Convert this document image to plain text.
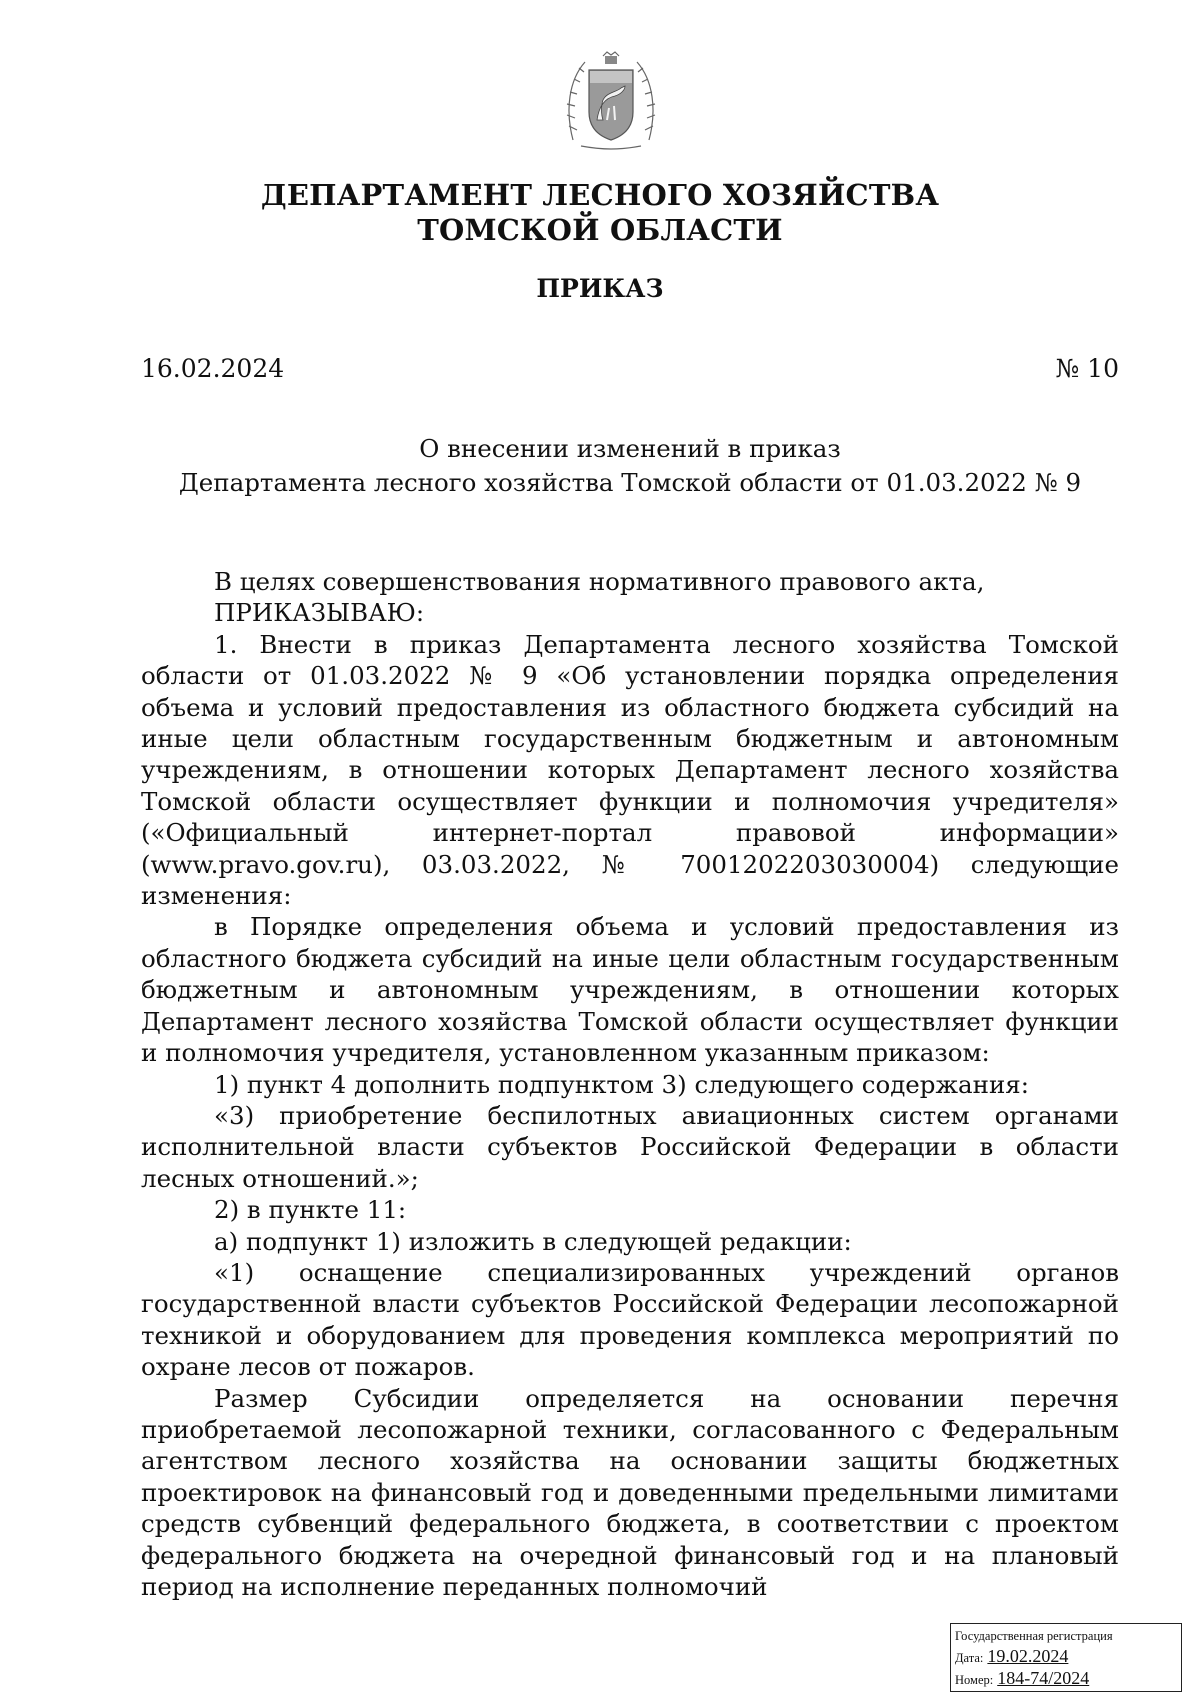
ДЕПАРТАМЕНТ ЛЕСНОГО ХОЗЯЙСТВА
ТОМСКОЙ ОБЛАСТИ
ПРИКАЗ
16.02.2024	№ 10
О внесении изменений в приказ
Департамента лесного хозяйства Томской области от 01.03.2022 № 9

В целях совершенствования нормативного правового акта,

ПРИКАЗЫВАЮ:

1. Внести в приказ Департамента лесного хозяйства Томской области от 01.03.2022 № 9 «Об установлении порядка определения объема и условий предоставления из областного бюджета субсидий на иные цели областным государственным бюджетным и автономным учреждениям, в отношении которых Департамент лесного хозяйства Томской области осуществляет функции и полномочия учредителя» («Официальный интернет-портал правовой информации» (www.pravo.gov.ru), 03.03.2022, № 7001202203030004) следующие изменения:

в Порядке определения объема и условий предоставления из областного бюджета субсидий на иные цели областным государственным бюджетным и автономным учреждениям, в отношении которых Департамент лесного хозяйства Томской области осуществляет функции и полномочия учредителя, установленном указанным приказом:

1) пункт 4 дополнить подпунктом 3) следующего содержания:

«3) приобретение беспилотных авиационных систем органами исполнительной власти субъектов Российской Федерации в области лесных отношений.»;

2) в пункте 11:

а) подпункт 1) изложить в следующей редакции:

«1) оснащение специализированных учреждений органов государственной власти субъектов Российской Федерации лесопожарной техникой и оборудованием для проведения комплекса мероприятий по охране лесов от пожаров.

Размер Субсидии определяется на основании перечня приобретаемой лесопожарной техники, согласованного с Федеральным агентством лесного хозяйства на основании защиты бюджетных проектировок на финансовый год и доведенными предельными лимитами средств субвенций федерального бюджета, в соответствии с проектом федерального бюджета на очередной финансовый год и на плановый период на исполнение переданных полномочий

Государственная регистрация
Дата: 19.02.2024
Номер: 184-74/2024
